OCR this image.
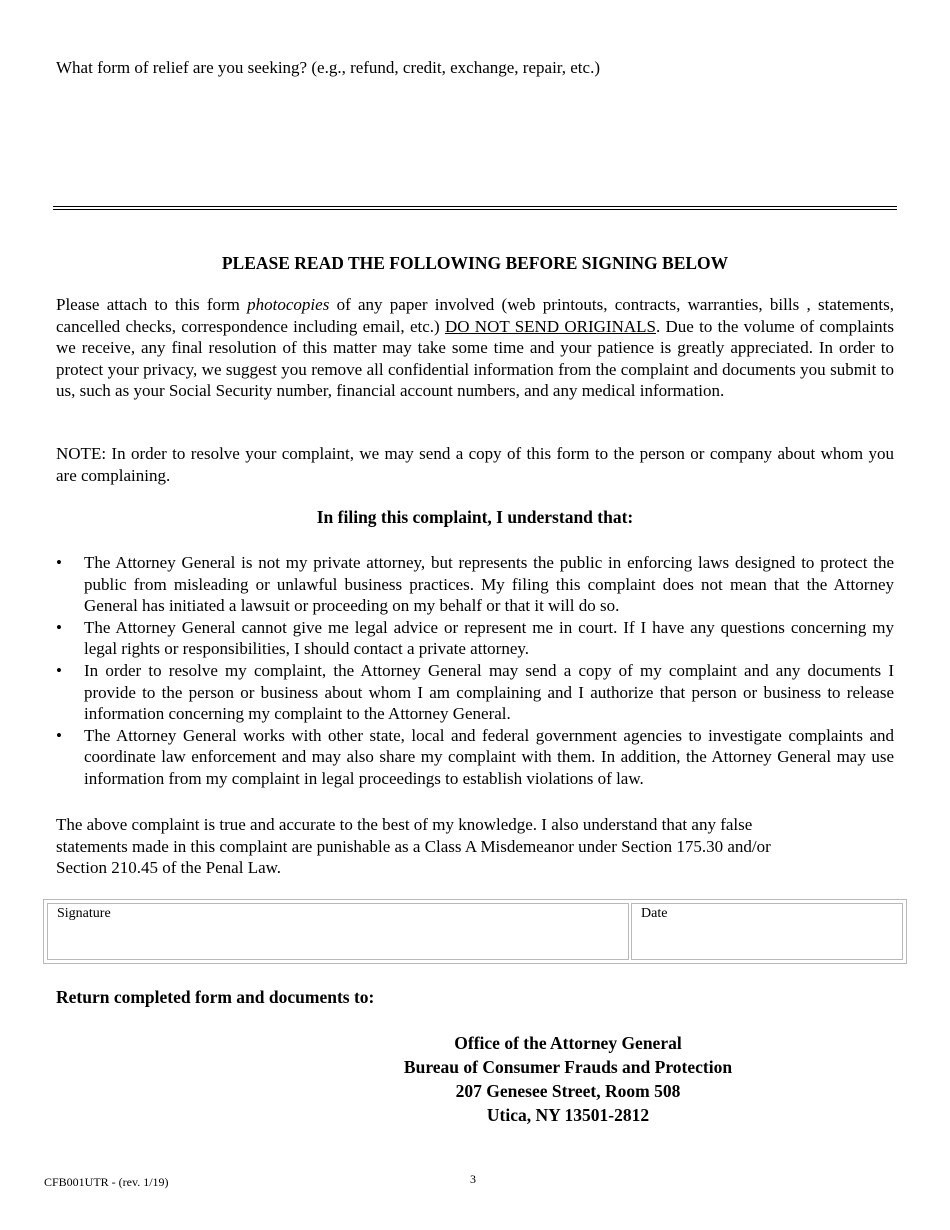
What form of relief are you seeking? (e.g., refund, credit, exchange, repair, etc.)
PLEASE READ THE FOLLOWING BEFORE SIGNING BELOW
Please attach to this form photocopies of any paper involved (web printouts, contracts, warranties, bills , statements, cancelled checks, correspondence including email, etc.) DO NOT SEND ORIGINALS. Due to the volume of complaints we receive, any final resolution of this matter may take some time and your patience is greatly appreciated. In order to protect your privacy, we suggest you remove all confidential information from the complaint and documents you submit to us, such as your Social Security number, financial account numbers, and any medical information.
NOTE: In order to resolve your complaint, we may send a copy of this form to the person or company about whom you are complaining.
In filing this complaint, I understand that:
• The Attorney General is not my private attorney, but represents the public in enforcing laws designed to protect the public from misleading or unlawful business practices. My filing this complaint does not mean that the Attorney General has initiated a lawsuit or proceeding on my behalf or that it will do so.
• The Attorney General cannot give me legal advice or represent me in court. If I have any questions concerning my legal rights or responsibilities, I should contact a private attorney.
• In order to resolve my complaint, the Attorney General may send a copy of my complaint and any documents I provide to the person or business about whom I am complaining and I authorize that person or business to release information concerning my complaint to the Attorney General.
• The Attorney General works with other state, local and federal government agencies to investigate complaints and coordinate law enforcement and may also share my complaint with them. In addition, the Attorney General may use information from my complaint in legal proceedings to establish violations of law.
The above complaint is true and accurate to the best of my knowledge. I also understand that any false
statements made in this complaint are punishable as a Class A Misdemeanor under Section 175.30 and/or
Section 210.45 of the Penal Law.
Signature	Date
Return completed form and documents to:
Office of the Attorney General
Bureau of Consumer Frauds and Protection
207 Genesee Street, Room 508
Utica, NY 13501-2812
CFB001UTR - (rev. 1/19)	3
